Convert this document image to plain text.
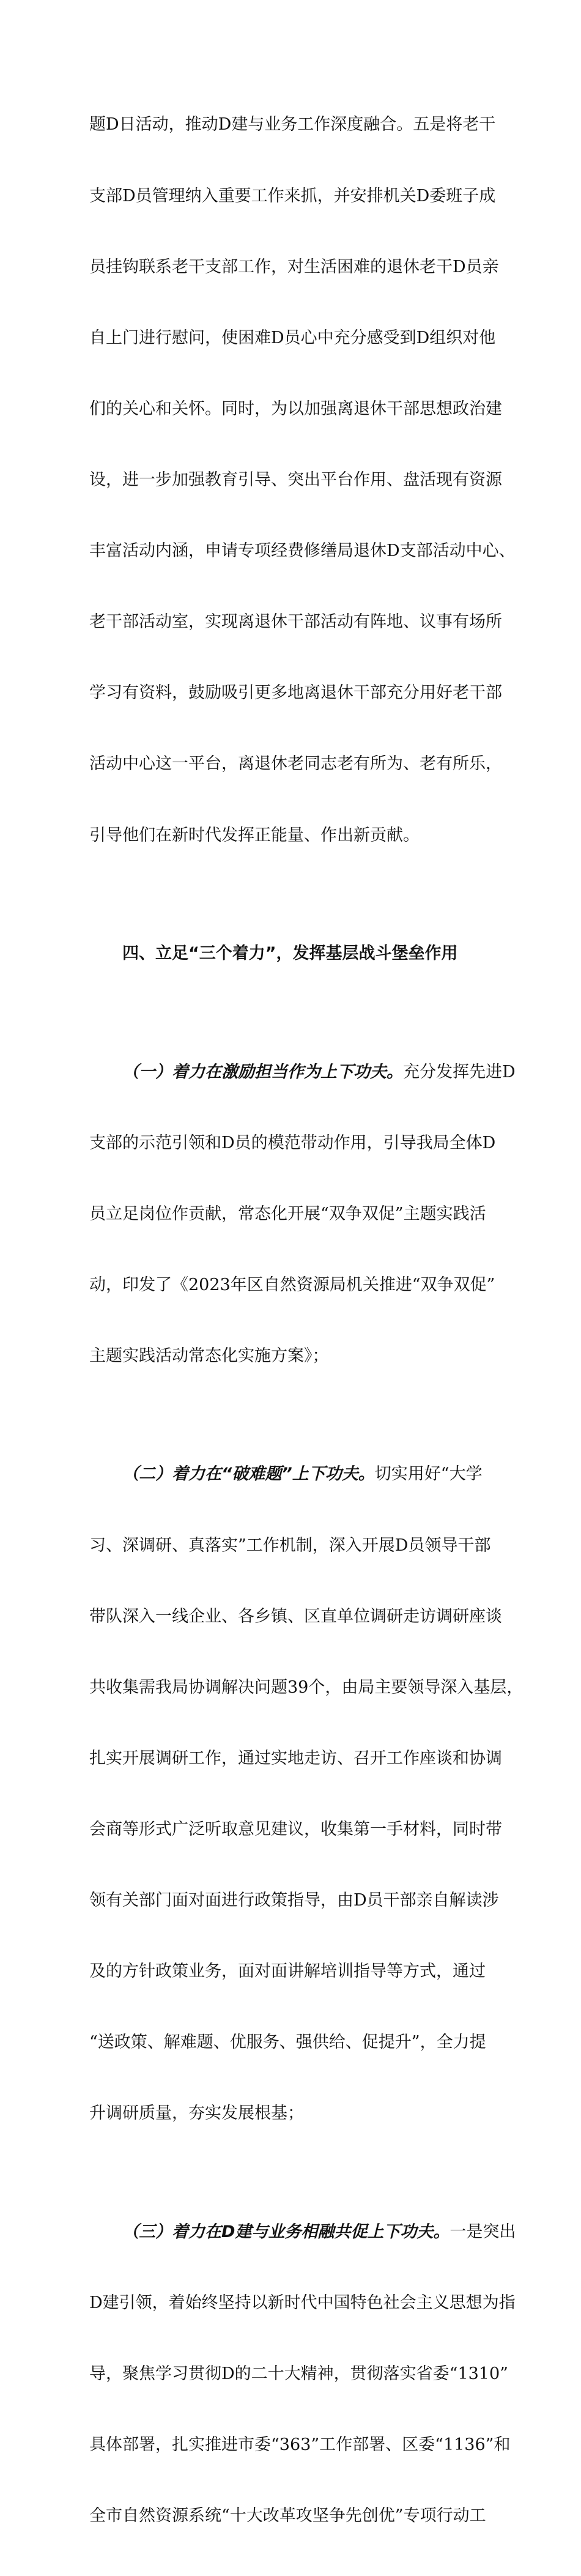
题D日活动，推动D建与业务工作深度融合。五是将老干

支部D员管理纳入重要工作来抓，并安排机关D委班子成

员挂钩联系老干支部工作，对生活困难的退休老干D员亲

自上门进行慰问，使困难D员心中充分感受到D组织对他

们的关心和关怀。同时，为以加强离退休干部思想政治建

设，进一步加强教育引导、突出平台作用、盘活现有资源

丰富活动内涵，申请专项经费修缮局退休D支部活动中心、

老干部活动室，实现离退休干部活动有阵地、议事有场所

学习有资料，鼓励吸引更多地离退休干部充分用好老干部

活动中心这一平台，离退休老同志老有所为、老有所乐，

引导他们在新时代发挥正能量、作出新贡献。

四、立足“三个着力”，发挥基层战斗堡垒作用

（一）着力在激励担当作为上下功夫。充分发挥先进D

支部的示范引领和D员的模范带动作用，引导我局全体D

员立足岗位作贡献，常态化开展“双争双促”主题实践活

动，印发了《2023年区自然资源局机关推进“双争双促”

主题实践活动常态化实施方案》；

（二）着力在“破难题”上下功夫。切实用好“大学

习、深调研、真落实”工作机制，深入开展D员领导干部

带队深入一线企业、各乡镇、区直单位调研走访调研座谈

共收集需我局协调解决问题39个，由局主要领导深入基层，

扎实开展调研工作，通过实地走访、召开工作座谈和协调

会商等形式广泛听取意见建议，收集第一手材料，同时带

领有关部门面对面进行政策指导，由D员干部亲自解读涉

及的方针政策业务，面对面讲解培训指导等方式，通过

“送政策、解难题、优服务、强供给、促提升”，全力提

升调研质量，夯实发展根基；

（三）着力在D建与业务相融共促上下功夫。一是突出

D建引领，着始终坚持以新时代中国特色社会主义思想为指

导，聚焦学习贯彻D的二十大精神，贯彻落实省委“1310”

具体部署，扎实推进市委“363”工作部署、区委“1136”和

全市自然资源系统“十大改革攻坚争先创优”专项行动工
